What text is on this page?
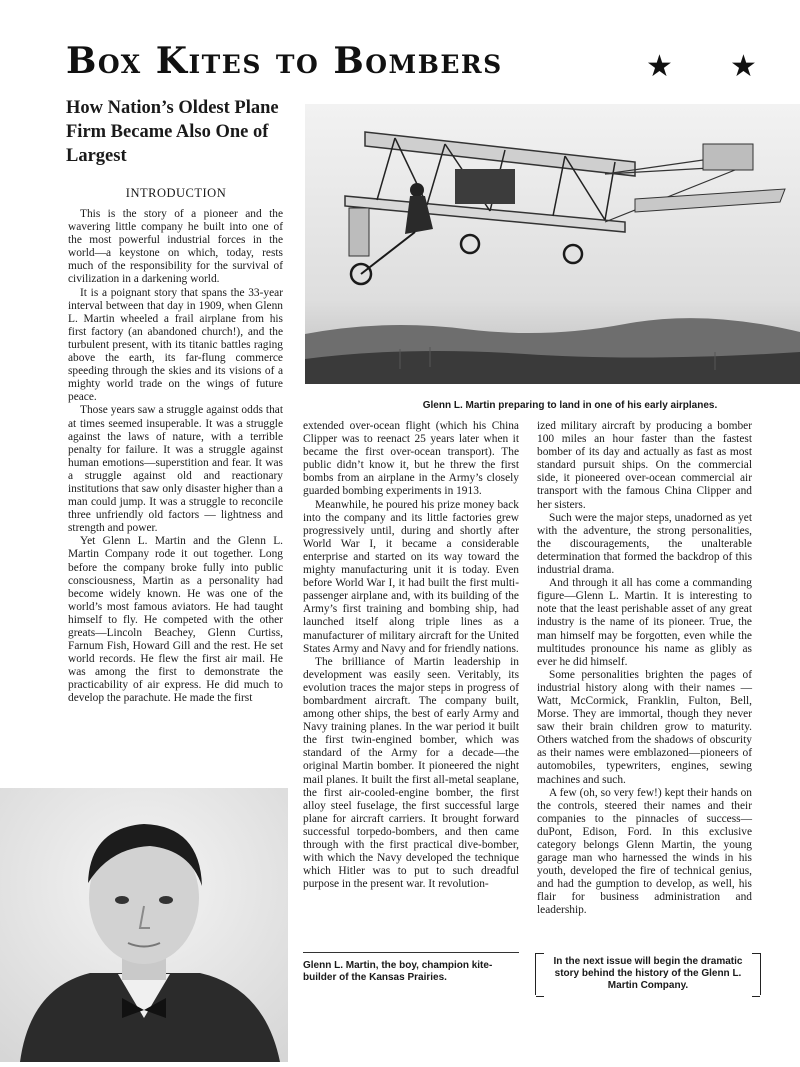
Box Kites to Bombers	★ ★
How Nation’s Oldest Plane Firm Became Also One of Largest
INTRODUCTION

This is the story of a pioneer and the wavering little company he built into one of the most powerful industrial forces in the world—a keystone on which, today, rests much of the responsibility for the survival of civilization in a darkening world.

It is a poignant story that spans the 33-year interval between that day in 1909, when Glenn L. Martin wheeled a frail airplane from his first factory (an abandoned church!), and the turbulent present, with its titanic battles raging above the earth, its far-flung commerce speeding through the skies and its visions of a mighty world trade on the wings of future peace.

Those years saw a struggle against odds that at times seemed insuperable. It was a struggle against the laws of nature, with a terrible penalty for failure. It was a struggle against human emotions—superstition and fear. It was a struggle against old and reactionary institutions that saw only disaster higher than a man could jump. It was a struggle to reconcile three unfriendly old factors — lightness and strength and power.

Yet Glenn L. Martin and the Glenn L. Martin Company rode it out together. Long before the company broke fully into public consciousness, Martin as a personality had become widely known. He was one of the world’s most famous aviators. He had taught himself to fly. He competed with the other greats—Lincoln Beachey, Glenn Curtiss, Farnum Fish, Howard Gill and the rest. He set world records. He flew the first air mail. He was among the first to demonstrate the practicability of air express. He did much to develop the parachute. He made the first

Glenn L. Martin preparing to land in one of his early airplanes.

extended over-ocean flight (which his China Clipper was to reenact 25 years later when it became the first over-ocean transport). The public didn’t know it, but he threw the first bombs from an airplane in the Army’s closely guarded bombing experiments in 1913.

Meanwhile, he poured his prize money back into the company and its little factories grew progressively until, during and shortly after World War I, it became a considerable enterprise and started on its way toward the mighty manufacturing unit it is today. Even before World War I, it had built the first multi-passenger airplane and, with its building of the Army’s first training and bombing ship, had launched itself along triple lines as a manufacturer of military aircraft for the United States Army and Navy and for friendly nations.

The brilliance of Martin leadership in development was easily seen. Veritably, its evolution traces the major steps in progress of bombardment aircraft. The company built, among other ships, the best of early Army and Navy training planes. In the war period it built the first twin-engined bomber, which was standard of the Army for a decade—the original Martin bomber. It pioneered the night mail planes. It built the first all-metal seaplane, the first air-cooled-engine bomber, the first alloy steel fuselage, the first successful large plane for aircraft carriers. It brought forward successful torpedo-bombers, and then came through with the first practical dive-bomber, with which the Navy developed the technique which Hitler was to put to such dreadful purpose in the present war. It revolution-

ized military aircraft by producing a bomber 100 miles an hour faster than the fastest bomber of its day and actually as fast as most standard pursuit ships. On the commercial side, it pioneered over-ocean commercial air transport with the famous China Clipper and her sisters.

Such were the major steps, unadorned as yet with the adventure, the strong personalities, the discouragements, the unalterable determination that formed the backdrop of this industrial drama.

And through it all has come a commanding figure—Glenn L. Martin. It is interesting to note that the least perishable asset of any great industry is the name of its pioneer. True, the man himself may be forgotten, even while the multitudes pronounce his name as glibly as ever he did himself.

Some personalities brighten the pages of industrial history along with their names — Watt, McCormick, Franklin, Fulton, Bell, Morse. They are immortal, though they never saw their brain children grow to maturity. Others watched from the shadows of obscurity as their names were emblazoned—pioneers of automobiles, typewriters, engines, sewing machines and such.

A few (oh, so very few!) kept their hands on the controls, steered their names and their companies to the pinnacles of success—duPont, Edison, Ford. In this exclusive category belongs Glenn Martin, the young garage man who harnessed the winds in his youth, developed the fire of technical genius, and had the gumption to develop, as well, his flair for business administration and leadership.

Glenn L. Martin, the boy, champion kite-builder of the Kansas Prairies.
In the next issue will begin the dramatic story behind the history of the Glenn L. Martin Company.
